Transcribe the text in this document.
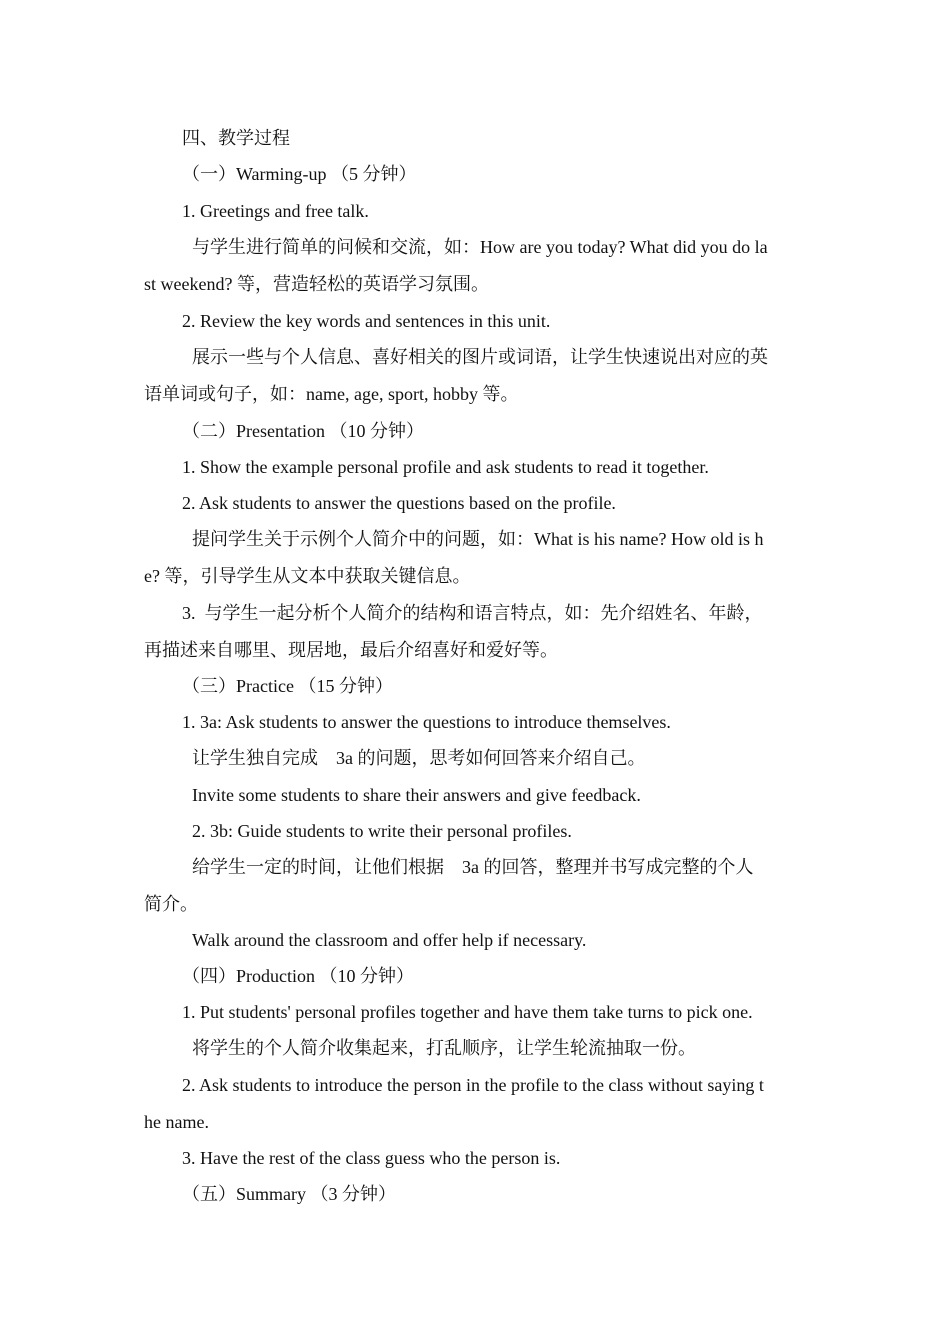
四、教学过程

（一）Warming-up （5 分钟）

1. Greetings and free talk.

与学生进行简单的问候和交流，如：How are you today? What did you do la

st weekend? 等，营造轻松的英语学习氛围。

2. Review the key words and sentences in this unit.

展示一些与个人信息、喜好相关的图片或词语，让学生快速说出对应的英

语单词或句子，如：name, age, sport, hobby 等。

（二）Presentation （10 分钟）

1. Show the example personal profile and ask students to read it together.

2. Ask students to answer the questions based on the profile.

提问学生关于示例个人简介中的问题，如：What is his name? How old is h

e? 等，引导学生从文本中获取关键信息。

3.  与学生一起分析个人简介的结构和语言特点，如：先介绍姓名、年龄，

再描述来自哪里、现居地，最后介绍喜好和爱好等。

（三）Practice （15 分钟）

1. 3a: Ask students to answer the questions to introduce themselves.

让学生独自完成    3a 的问题，思考如何回答来介绍自己。

Invite some students to share their answers and give feedback.

2. 3b: Guide students to write their personal profiles.

给学生一定的时间，让他们根据    3a 的回答，整理并书写成完整的个人

简介。

Walk around the classroom and offer help if necessary.

（四）Production （10 分钟）

1. Put students' personal profiles together and have them take turns to pick one.

将学生的个人简介收集起来，打乱顺序，让学生轮流抽取一份。

2. Ask students to introduce the person in the profile to the class without saying t

he name.

3. Have the rest of the class guess who the person is.

（五）Summary （3 分钟）
